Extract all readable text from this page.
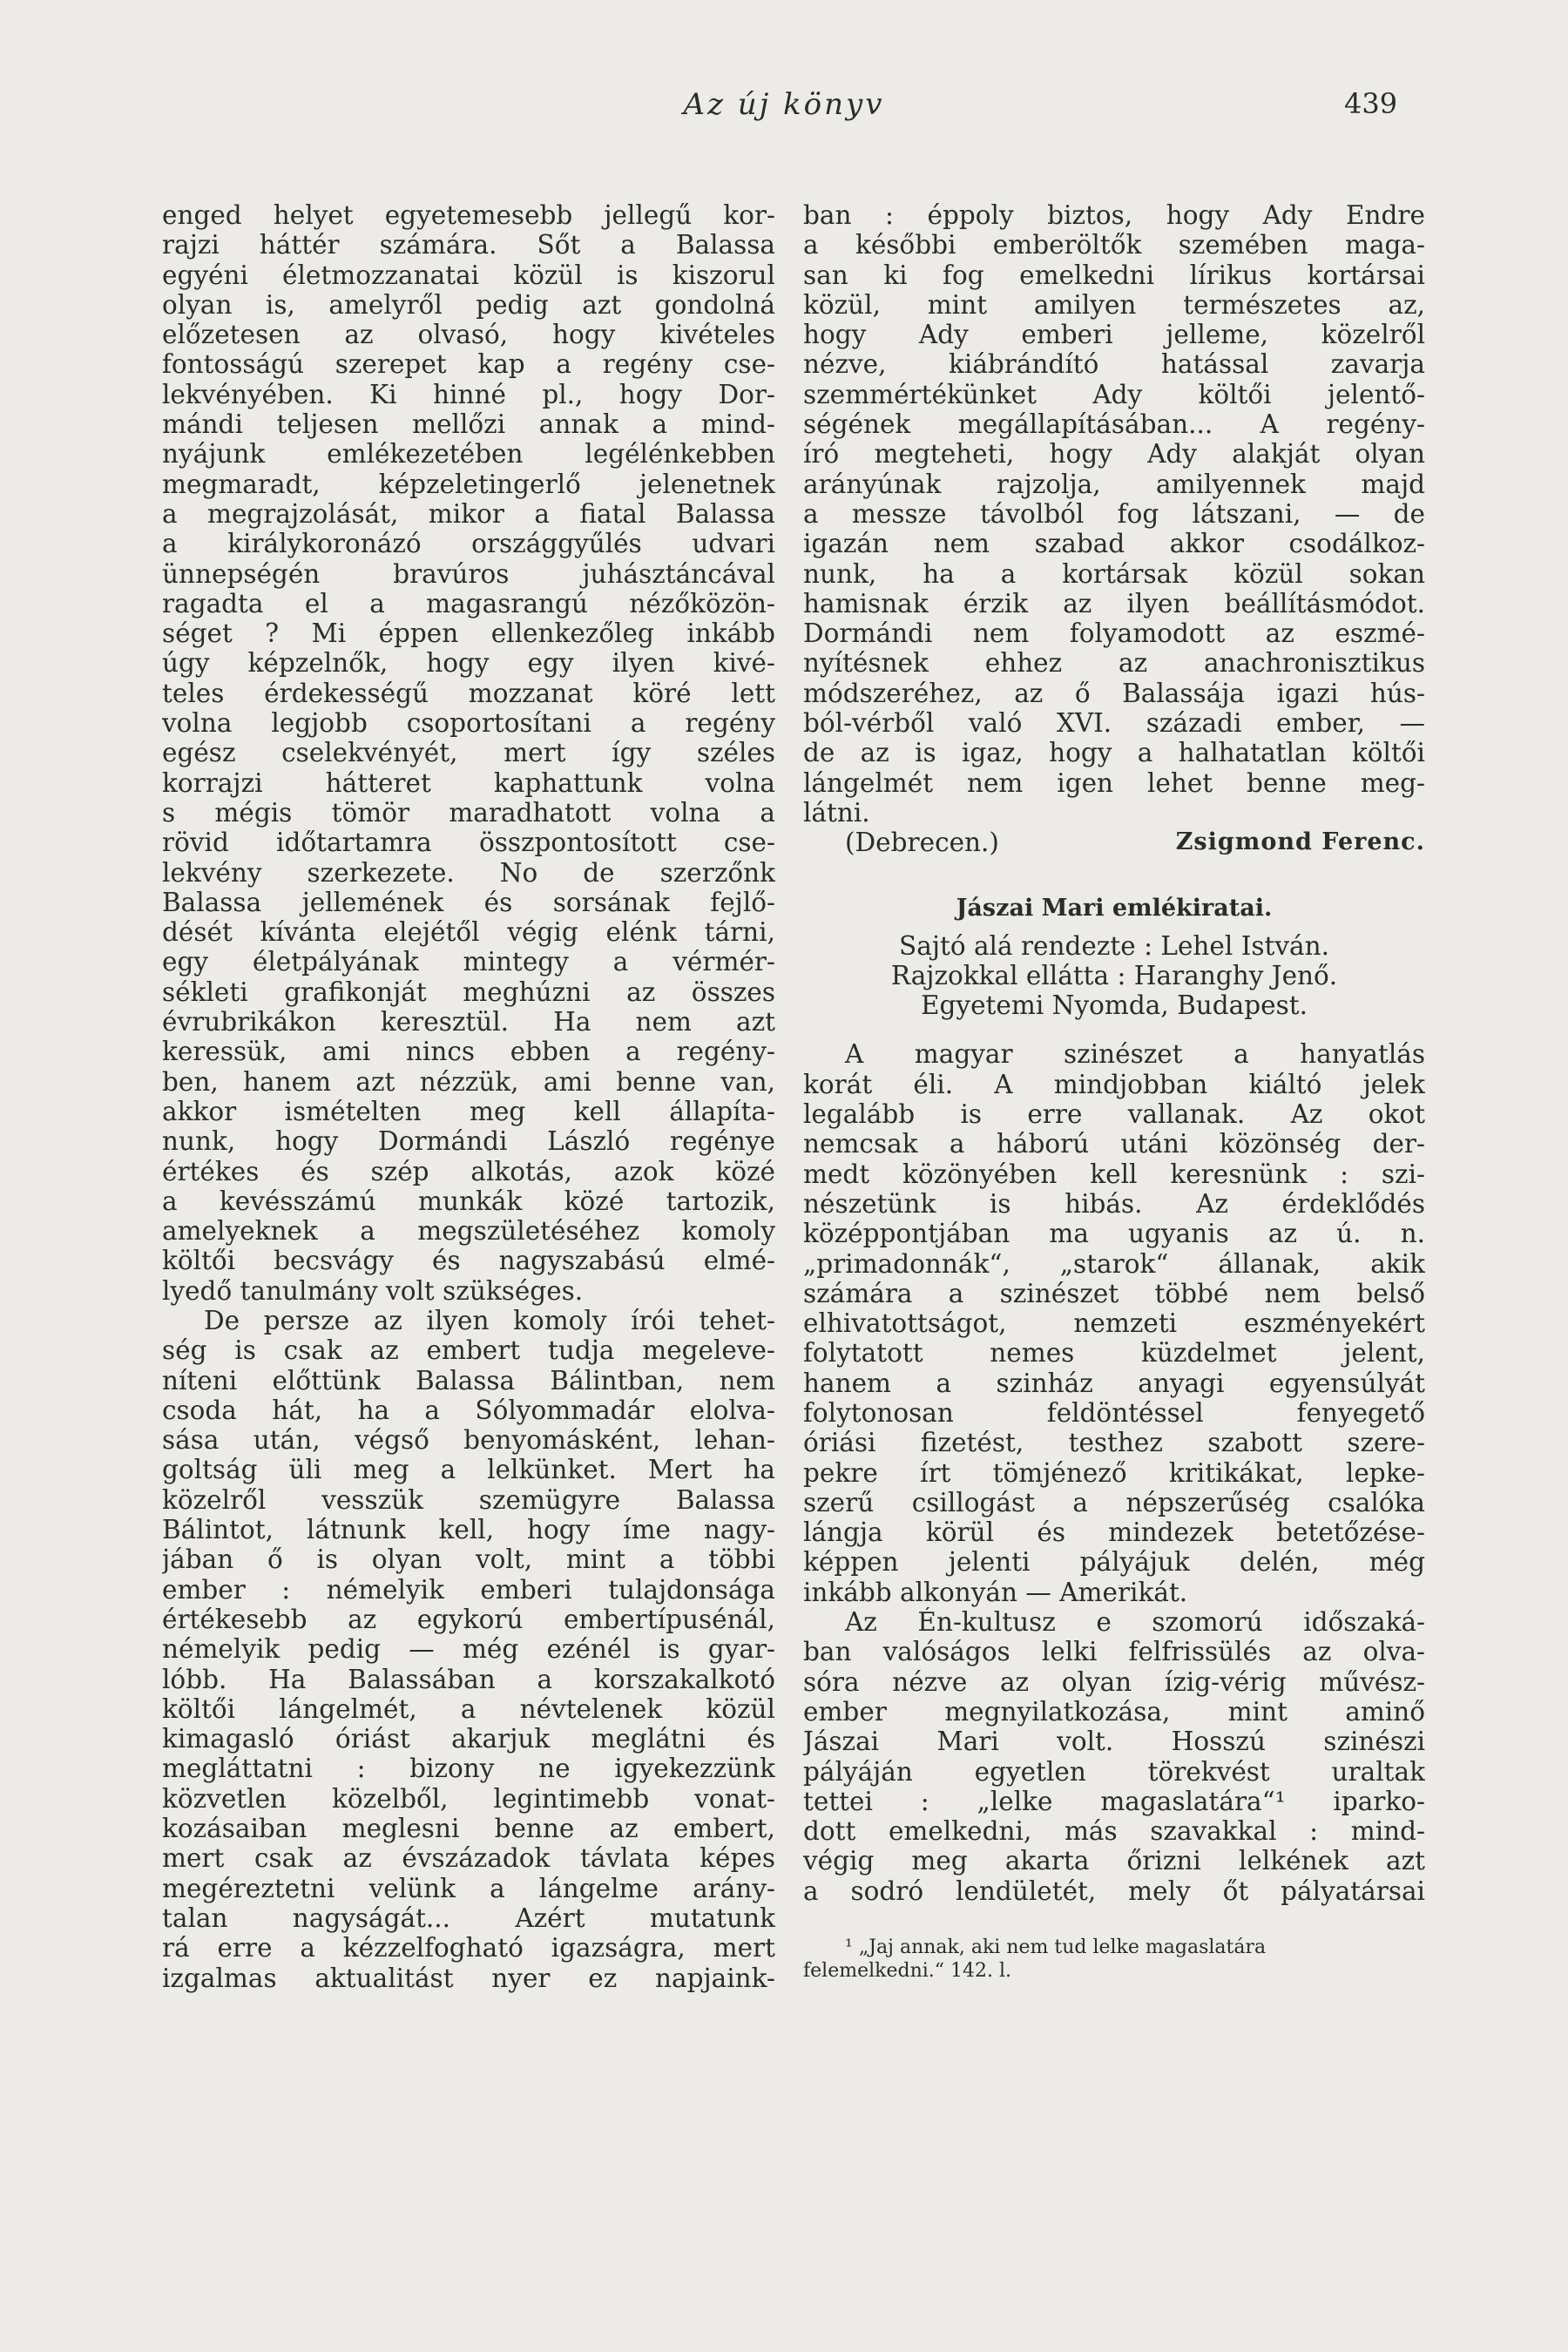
Az új könyv	439
enged helyet egyetemesebb jellegű kor-
rajzi háttér számára. Sőt a Balassa
egyéni életmozzanatai közül is kiszorul
olyan is, amelyről pedig azt gondolná
előzetesen az olvasó, hogy kivételes
fontosságú szerepet kap a regény cse-
lekvényében. Ki hinné pl., hogy Dor-
mándi teljesen mellőzi annak a mind-
nyájunk emlékezetében legélénkebben
megmaradt, képzeletingerlő jelenetnek
a megrajzolását, mikor a fiatal Balassa
a királykoronázó országgyűlés udvari
ünnepségén bravúros juhásztáncával
ragadta el a magasrangú nézőközön-
séget ? Mi éppen ellenkezőleg inkább
úgy képzelnők, hogy egy ilyen kivé-
teles érdekességű mozzanat köré lett
volna legjobb csoportosítani a regény
egész cselekvényét, mert így széles
korrajzi hátteret kaphattunk volna
s mégis tömör maradhatott volna a
rövid időtartamra összpontosított cse-
lekvény szerkezete. No de szerzőnk
Balassa jellemének és sorsának fejlő-
dését kívánta elejétől végig elénk tárni,
egy életpályának mintegy a vérmér-
sékleti grafikonját meghúzni az összes
évrubrikákon keresztül. Ha nem azt
keressük, ami nincs ebben a regény-
ben, hanem azt nézzük, ami benne van,
akkor ismételten meg kell állapíta-
nunk, hogy Dormándi László regénye
értékes és szép alkotás, azok közé
a kevésszámú munkák közé tartozik,
amelyeknek a megszületéséhez komoly
költői becsvágy és nagyszabású elmé-
lyedő tanulmány volt szükséges.
De persze az ilyen komoly írói tehet-
ség is csak az embert tudja megeleve-
níteni előttünk Balassa Bálintban, nem
csoda hát, ha a Sólyommadár elolva-
sása után, végső benyomásként, lehan-
goltság üli meg a lelkünket. Mert ha
közelről vesszük szemügyre Balassa
Bálintot, látnunk kell, hogy íme nagy-
jában ő is olyan volt, mint a többi
ember : némelyik emberi tulajdonsága
értékesebb az egykorú embertípusénál,
némelyik pedig — még ezénél is gyar-
lóbb. Ha Balassában a korszakalkotó
költői lángelmét, a névtelenek közül
kimagasló óriást akarjuk meglátni és
megláttatni : bizony ne igyekezzünk
közvetlen közelből, legintimebb vonat-
kozásaiban meglesni benne az embert,
mert csak az évszázadok távlata képes
megéreztetni velünk a lángelme arány-
talan nagyságát... Azért mutatunk
rá erre a kézzelfogható igazságra, mert
izgalmas aktualitást nyer ez napjaink-
ban : éppoly biztos, hogy Ady Endre
a későbbi emberöltők szemében maga-
san ki fog emelkedni lírikus kortársai
közül, mint amilyen természetes az,
hogy Ady emberi jelleme, közelről
nézve, kiábrándító hatással zavarja
szemmértékünket Ady költői jelentő-
ségének megállapításában... A regény-
író megteheti, hogy Ady alakját olyan
arányúnak rajzolja, amilyennek majd
a messze távolból fog látszani, — de
igazán nem szabad akkor csodálkoz-
nunk, ha a kortársak közül sokan
hamisnak érzik az ilyen beállításmódot.
Dormándi nem folyamodott az eszmé-
nyítésnek ehhez az anachronisztikus
módszeréhez, az ő Balassája igazi hús-
ból-vérből való XVI. századi ember, —
de az is igaz, hogy a halhatatlan költői
lángelmét nem igen lehet benne meg-
látni.
(Debrecen.)	Zsigmond Ferenc.
Jászai Mari emlékiratai.
Sajtó alá rendezte : Lehel István.
Rajzokkal ellátta : Haranghy Jenő.
Egyetemi Nyomda, Budapest.
A magyar szinészet a hanyatlás
korát éli. A mindjobban kiáltó jelek
legalább is erre vallanak. Az okot
nemcsak a háború utáni közönség der-
medt közönyében kell keresnünk : szi-
nészetünk is hibás. Az érdeklődés
középpontjában ma ugyanis az ú. n.
„primadonnák“, „starok“ állanak, akik
számára a szinészet többé nem belső
elhivatottságot, nemzeti eszményekért
folytatott nemes küzdelmet jelent,
hanem a szinház anyagi egyensúlyát
folytonosan feldöntéssel fenyegető
óriási fizetést, testhez szabott szere-
pekre írt tömjénező kritikákat, lepke-
szerű csillogást a népszerűség csalóka
lángja körül és mindezek betetőzése-
képpen jelenti pályájuk delén, még
inkább alkonyán — Amerikát.
Az Én-kultusz e szomorú időszaká-
ban valóságos lelki felfrissülés az olva-
sóra nézve az olyan ízig-vérig művész-
ember megnyilatkozása, mint aminő
Jászai Mari volt. Hosszú szinészi
pályáján egyetlen törekvést uraltak
tettei : „lelke magaslatára“¹ iparko-
dott emelkedni, más szavakkal : mind-
végig meg akarta őrizni lelkének azt
a sodró lendületét, mely őt pályatársai
¹ „Jaj annak, aki nem tud lelke magaslatára
felemelkedni.“ 142. l.
